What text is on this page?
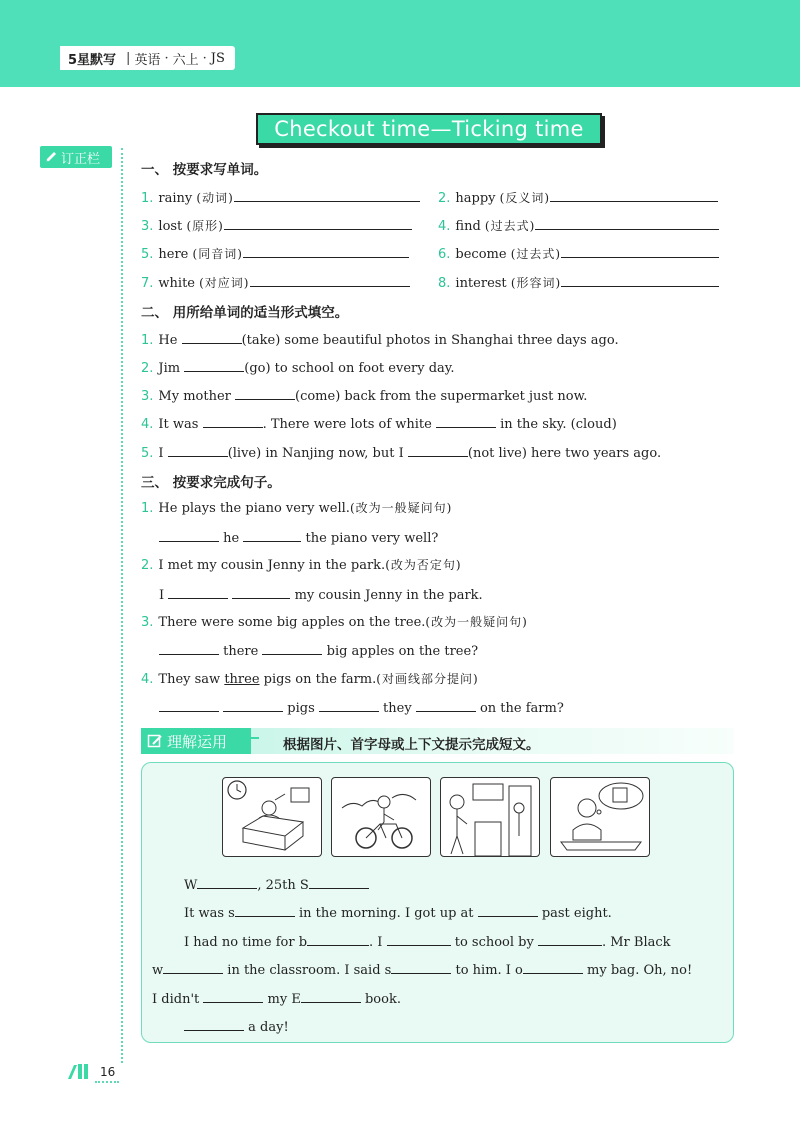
5星默写 | 英语 · 六上 · JS
Checkout time—Ticking time
订正栏
一、 按要求写单词。
1. rainy (动词)	2. happy (反义词)
3. lost (原形)	4. find (过去式)
5. here (同音词)	6. become (过去式)
7. white (对应词)	8. interest (形容词)
二、 用所给单词的适当形式填空。
1. He	(take) some beautiful photos in Shanghai three days ago.
2. Jim	(go) to school on foot every day.
3. My mother	(come) back from the supermarket just now.
4. It was	. There were lots of white	in the sky. (cloud)
5. I	(live) in Nanjing now, but I	(not live) here two years ago.
三、 按要求完成句子。
1. He plays the piano very well.(改为一般疑问句)
he	the piano very well?
2. I met my cousin Jenny in the park.(改为否定句)
I	my cousin Jenny in the park.
3. There were some big apples on the tree.(改为一般疑问句)
there	big apples on the tree?
4. They saw three pigs on the farm.(对画线部分提问)
pigs	they	on the farm?
理解运用	根据图片、首字母或上下文提示完成短文。
W	, 25th S
It was s	in the morning. I got up at	past eight.
I had no time for b	. I	to school by	. Mr Black
w	in the classroom. I said s	to him. I o	my bag. Oh, no!
I didn't	my E	book.
a day!
16
